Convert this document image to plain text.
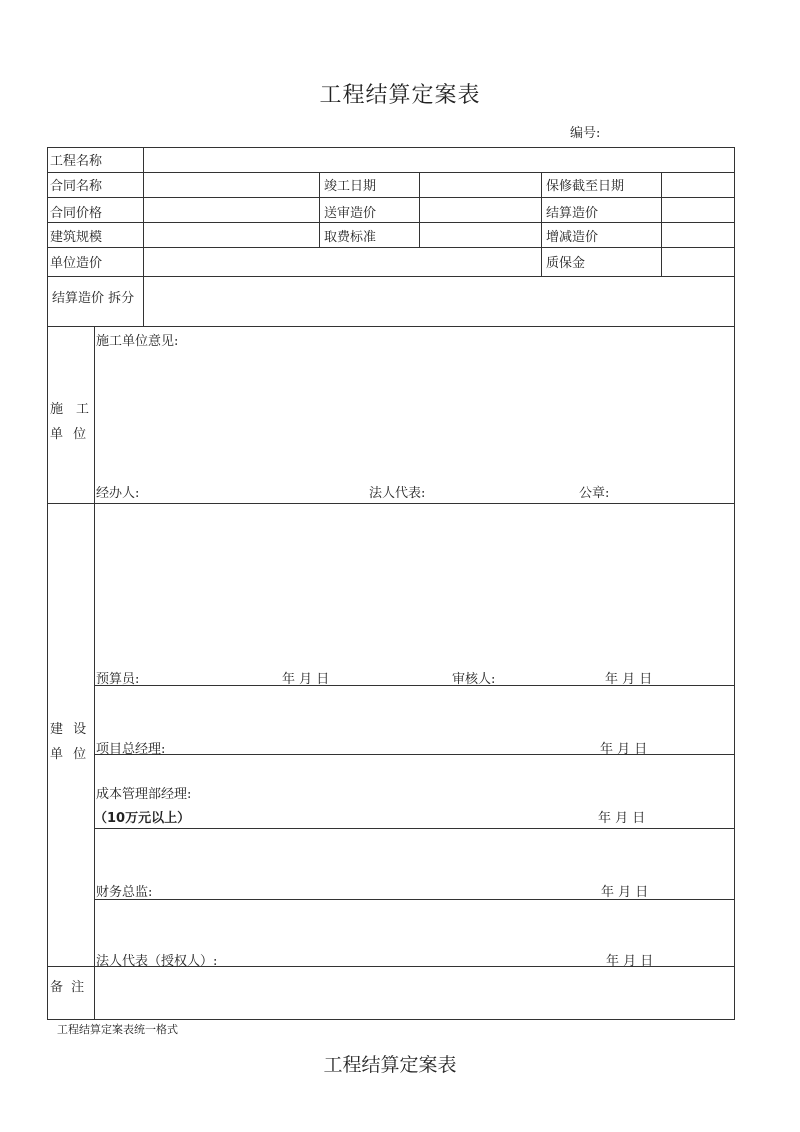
工程结算定案表
编号:
工程名称
合同名称	竣工日期	保修截至日期
合同价格	送审造价	结算造价
建筑规模	取费标准	增减造价
单位造价	质保金
结算造价 拆分
施　工
单 位
施工单位意见:
经办人:	法人代表:	公章:
建 设
单 位
预算员:	年 月 日	审核人:	年 月 日
项目总经理:	年 月 日
成本管理部经理:
（10万元以上）	年 月 日
财务总监:	年 月 日
法人代表（授权人）:	年 月 日
备 注
工程结算定案表统一格式
工程结算定案表
